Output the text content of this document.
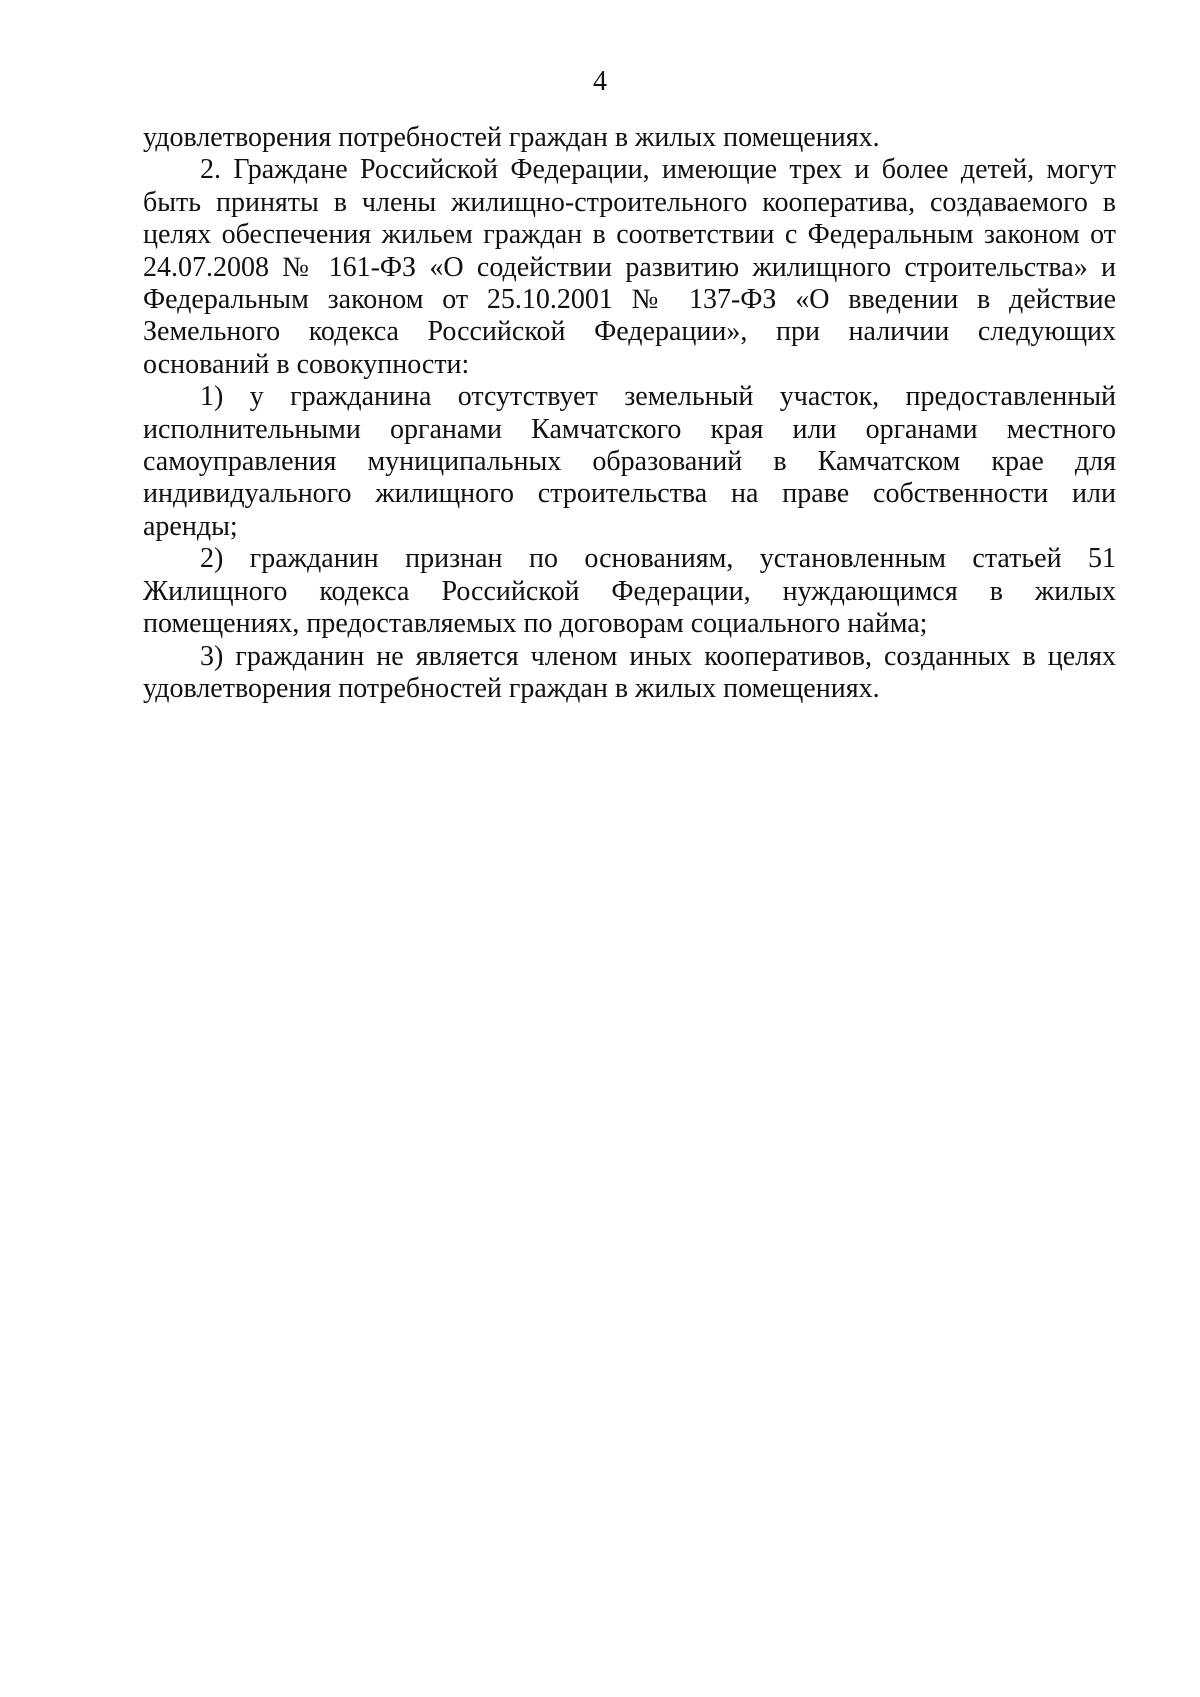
4

удовлетворения потребностей граждан в жилых помещениях.

2. Граждане Российской Федерации, имеющие трех и более детей, могут быть приняты в члены жилищно-строительного кооператива, создаваемого в целях обеспечения жильем граждан в соответствии с Федеральным законом от 24.07.2008 № 161-ФЗ «О содействии развитию жилищного строительства» и Федеральным законом от 25.10.2001 № 137-ФЗ «О введении в действие Земельного кодекса Российской Федерации», при наличии следующих оснований в совокупности:

1) у гражданина отсутствует земельный участок, предоставленный исполнительными органами Камчатского края или органами местного самоуправления муниципальных образований в Камчатском крае для индивидуального жилищного строительства на праве собственности или аренды;

2) гражданин признан по основаниям, установленным статьей 51 Жилищного кодекса Российской Федерации, нуждающимся в жилых помещениях, предоставляемых по договорам социального найма;

3) гражданин не является членом иных кооперативов, созданных в целях удовлетворения потребностей граждан в жилых помещениях.
